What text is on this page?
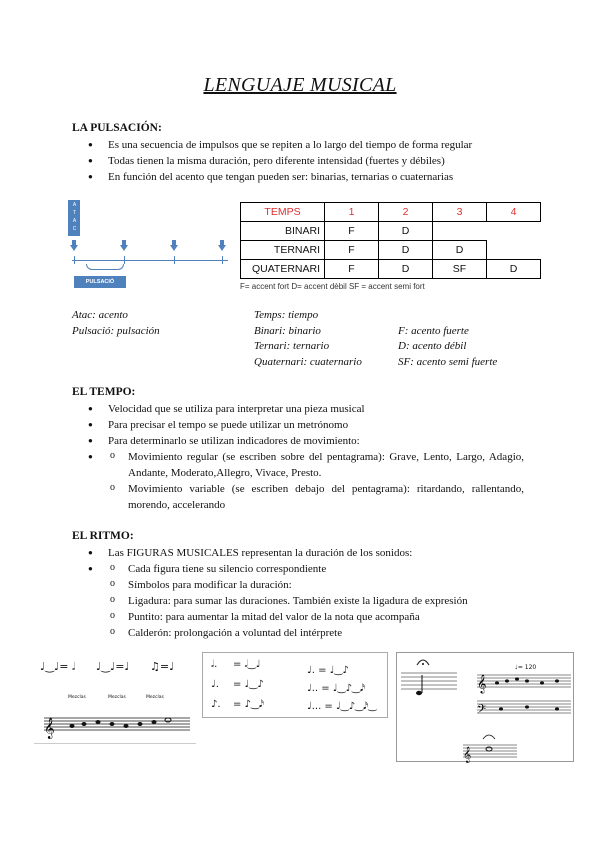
LENGUAJE MUSICAL
LA PULSACIÓN:
● Es una secuencia de impulsos que se repiten a lo largo del tiempo de forma regular
● Todas tienen la misma duración, pero diferente intensidad (fuertes y débiles)
● En función del acento que tengan pueden ser: binarias, ternarias o cuaternarias
ATAC
PULSACIÓ
TEMPS	1	2	3	4
BINARI	F	D		
TERNARI	F	D	D	
QUATERNARI	F	D	SF	D
F= accent fort D= accent dèbil SF = accent semi fort
Atac: acento
Pulsació: pulsación
Temps: tiempo
Binari: binario
Ternari: ternario
Quaternari: cuaternario
F: acento fuerte
D: acento débil
SF: acento semi fuerte
EL TEMPO:
● Velocidad que se utiliza para interpretar una pieza musical
● Para precisar el tempo se puede utilizar un metrónomo
● Para determinarlo se utilizan indicadores de movimiento:
o ● Movimiento regular (se escriben sobre del pentagrama): Grave, Lento, Largo, Adagio, Andante, Moderato,Allegro, Vivace, Presto.
o Movimiento variable (se escriben debajo del pentagrama): ritardando, rallentando, morendo, accelerando
EL RITMO:
● Las FIGURAS MUSICALES representan la duración de los sonidos:
o ● Cada figura tiene su silencio correspondiente
o Símbolos para modificar la duración:
o Ligadura: para sumar las duraciones. También existe la ligadura de expresión
o Puntito: para aumentar la mitad del valor de la nota que acompaña
o Calderón: prolongación a voluntad del intérprete
♩‿♩= 𝅗𝅥 ♩‿♩=♩ ♫=♩
Mezclas	Mezclas	Mezclas
𝄞
𝅗𝅥. = 𝅗𝅥‿♩
♩. = ♩‿♪
♪. = ♪‿𝅘𝅥𝅯
♩. = ♩‿♪
♩.. = ♩‿♪‿𝅘𝅥𝅯
♩... = ♩‿♪‿𝅘𝅥𝅯‿
♩= 120
𝄞
𝄢
𝄞
